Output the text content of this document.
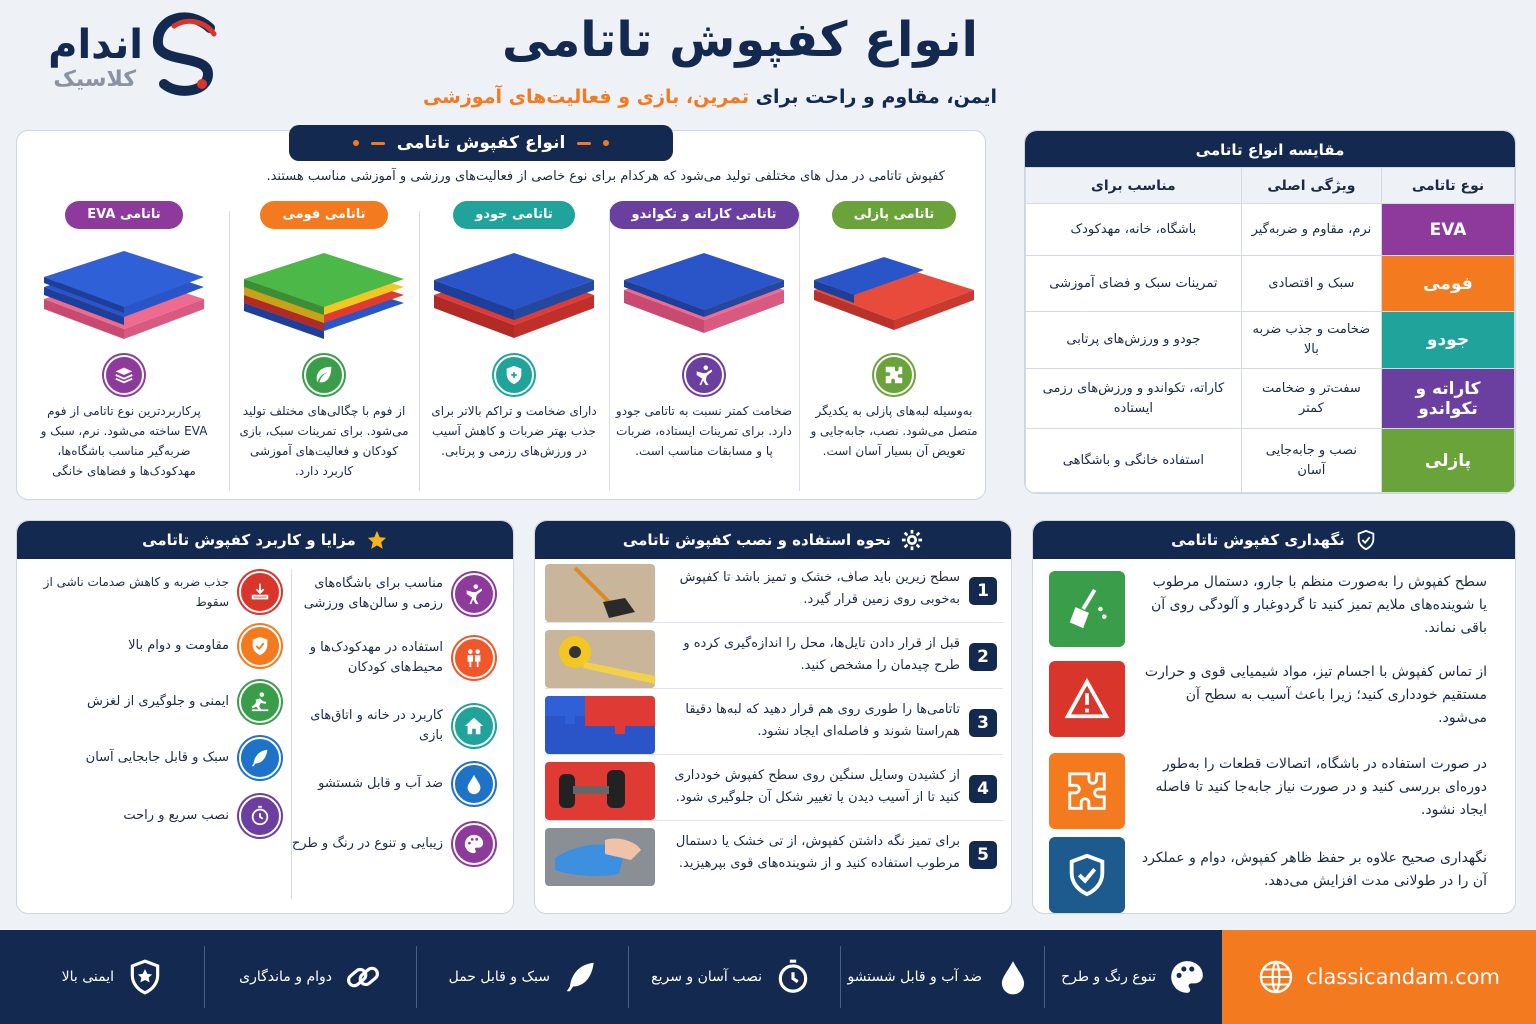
اندام
کلاسیک
انواع کفپوش تاتامی
ایمن، مقاوم و راحت برای تمرین، بازی و فعالیت‌های آموزشی
انواع کفپوش تاتامی
کفپوش تاتامی در مدل های مختلفی تولید می‌شود که هرکدام برای نوع خاصی از فعالیت‌های ورزشی و آموزشی مناسب هستند.
تاتامی پازلی
به‌وسیله لبه‌های پازلی به یکدیگر متصل می‌شود. نصب، جابه‌جایی و تعویض آن بسیار آسان است.
تاتامی کاراته و تکواندو
ضخامت کمتر نسبت به تاتامی جودو دارد. برای تمرینات ایستاده، ضربات پا و مسابقات مناسب است.
تاتامی جودو
دارای ضخامت و تراکم بالاتر برای جذب بهتر ضربات و کاهش آسیب در ورزش‌های رزمی و پرتابی.
تاتامی فومی
از فوم با چگالی‌های مختلف تولید می‌شود. برای تمرینات سبک، بازی کودکان و فعالیت‌های آموزشی کاربرد دارد.
تاتامی EVA
پرکاربردترین نوع تاتامی از فوم EVA ساخته می‌شود. نرم، سبک و ضربه‌گیر مناسب باشگاه‌ها، مهدکودک‌ها و فضاهای خانگی
مقایسه انواع تاتامی
نوع تاتامی	ویژگی اصلی	مناسب برای
EVA	نرم، مقاوم و ضربه‌گیر	باشگاه، خانه، مهدکودک
فومی	سبک و اقتصادی	تمرینات سبک و فضای آموزشی
جودو	ضخامت و جذب ضربه بالا	جودو و ورزش‌های پرتابی
کاراته و تکواندو	سفت‌تر و ضخامت کمتر	کاراته، تکواندو و ورزش‌های رزمی ایستاده
پازلی	نصب و جابه‌جایی آسان	استفاده خانگی و باشگاهی
مزایا و کاربرد کفپوش تاتامی
مناسب برای باشگاه‌های رزمی و سالن‌های ورزشی
استفاده در مهدکودک‌ها و محیط‌های کودکان
کاربرد در خانه و اتاق‌های بازی
ضد آب و قابل شستشو
زیبایی و تنوع در رنگ و طرح
جذب ضربه و کاهش صدمات ناشی از سقوط
مقاومت و دوام بالا
ایمنی و جلوگیری از لغزش
سبک و قابل جابجایی آسان
نصب سریع و راحت
نحوه استفاده و نصب کفپوش تاتامی
سطح زیرین باید صاف، خشک و تمیز باشد تا کفپوش به‌خوبی روی زمین قرار گیرد.	1
قبل از قرار دادن تایل‌ها، محل را اندازه‌گیری کرده و طرح چیدمان را مشخص کنید.	2
تاتامی‌ها را طوری روی هم قرار دهید که لبه‌ها دقیقا هم‌راستا شوند و فاصله‌ای ایجاد نشود.	3
از کشیدن وسایل سنگین روی سطح کفپوش خودداری کنید تا از آسیب دیدن یا تغییر شکل آن جلوگیری شود.	4
برای تمیز نگه داشتن کفپوش، از تی خشک یا دستمال مرطوب استفاده کنید و از شوینده‌های قوی بپرهیزید.	5
نگهداری کفپوش تاتامی
سطح کفپوش را به‌صورت منظم با جارو، دستمال مرطوب یا شوینده‌های ملایم تمیز کنید تا گردوغبار و آلودگی روی آن باقی نماند.
از تماس کفپوش با اجسام تیز، مواد شیمیایی قوی و حرارت مستقیم خودداری کنید؛ زیرا باعث آسیب به سطح آن می‌شود.
در صورت استفاده در باشگاه، اتصالات قطعات را به‌طور دوره‌ای بررسی کنید و در صورت نیاز جابه‌جا کنید تا فاصله ایجاد نشود.
نگهداری صحیح علاوه بر حفظ ظاهر کفپوش، دوام و عملکرد آن را در طولانی مدت افزایش می‌دهد.
classicandam.com
تنوع رنگ و طرح
ضد آب و قابل شستشو
نصب آسان و سریع
سبک و قابل حمل
دوام و ماندگاری
ایمنی بالا
